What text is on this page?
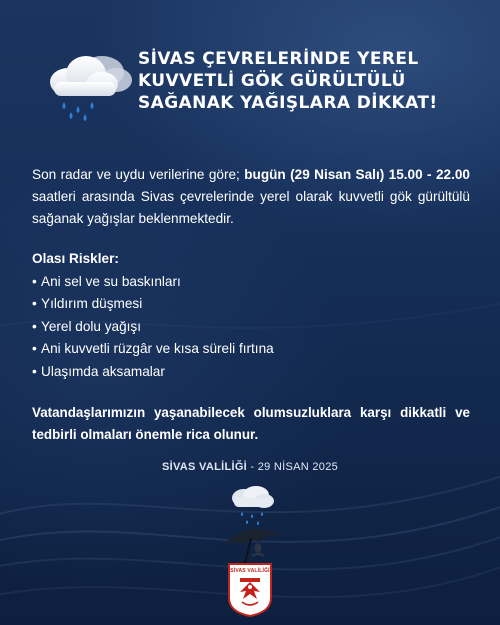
SİVAS ÇEVRELERİNDE YEREL
KUVVETLİ GÖK GÜRÜLTÜLÜ
SAĞANAK YAĞIŞLARA DİKKAT!

Son radar ve uydu verilerine göre; bugün (29 Nisan Salı) 15.00 - 22.00 saatleri arasında Sivas çevrelerinde yerel olarak kuvvetli gök gürültülü sağanak yağışlar beklenmektedir.

Olası Riskler:
• Ani sel ve su baskınları
• Yıldırım düşmesi
• Yerel dolu yağışı
• Ani kuvvetli rüzgâr ve kısa süreli fırtına
• Ulaşımda aksamalar

Vatandaşlarımızın yaşanabilecek olumsuzluklara karşı dikkatli ve tedbirli olmaları önemle rica olunur.

SİVAS VALİLİĞİ - 29 NİSAN 2025
SİVAS VALİLİĞİ
